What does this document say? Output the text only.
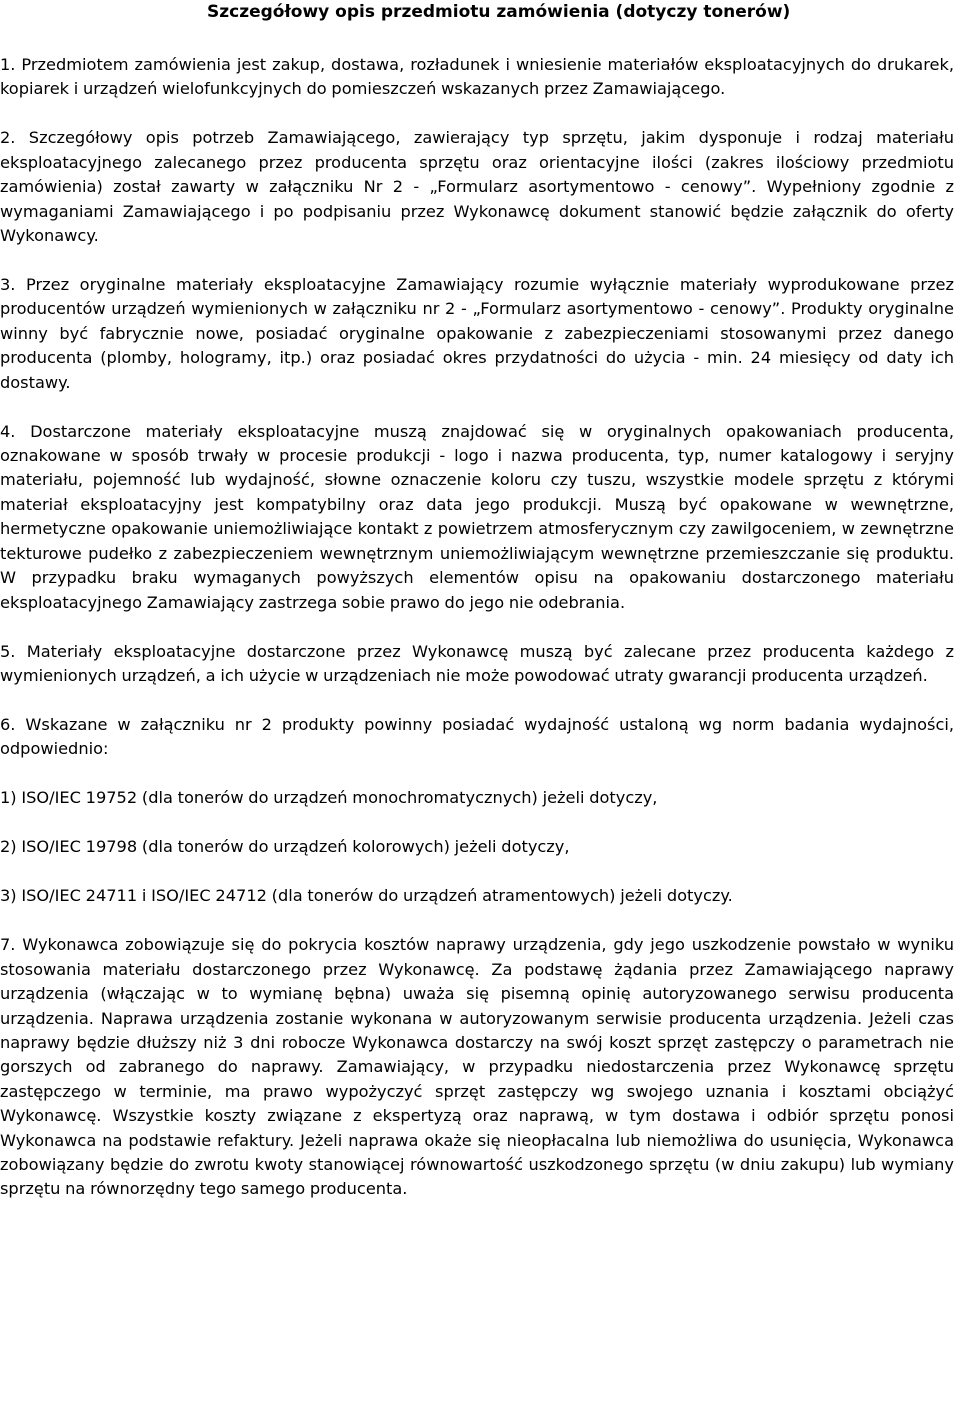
Szczegółowy opis przedmiotu zamówienia (dotyczy tonerów)

1. Przedmiotem zamówienia jest zakup, dostawa, rozładunek i wniesienie materiałów eksploatacyjnych do drukarek, kopiarek i urządzeń wielofunkcyjnych do pomieszczeń wskazanych przez Zamawiającego.

2. Szczegółowy opis potrzeb Zamawiającego, zawierający typ sprzętu, jakim dysponuje i rodzaj materiału eksploatacyjnego zalecanego przez producenta sprzętu oraz orientacyjne ilości (zakres ilościowy przedmiotu zamówienia) został zawarty w załączniku Nr 2 - „Formularz asortymentowo - cenowy”. Wypełniony zgodnie z wymaganiami Zamawiającego i po podpisaniu przez Wykonawcę dokument stanowić będzie załącznik do oferty Wykonawcy.

3. Przez oryginalne materiały eksploatacyjne Zamawiający rozumie wyłącznie materiały wyprodukowane przez producentów urządzeń wymienionych w załączniku nr 2 - „Formularz asortymentowo - cenowy”. Produkty oryginalne winny być fabrycznie nowe, posiadać oryginalne opakowanie z zabezpieczeniami stosowanymi przez danego producenta (plomby, hologramy, itp.) oraz posiadać okres przydatności do użycia - min. 24 miesięcy od daty ich dostawy.

4. Dostarczone materiały eksploatacyjne muszą znajdować się w oryginalnych opakowaniach producenta, oznakowane w sposób trwały w procesie produkcji - logo i nazwa producenta, typ, numer katalogowy i seryjny materiału, pojemność lub wydajność, słowne oznaczenie koloru czy tuszu, wszystkie modele sprzętu z którymi materiał eksploatacyjny jest kompatybilny oraz data jego produkcji. Muszą być opakowane w wewnętrzne, hermetyczne opakowanie uniemożliwiające kontakt z powietrzem atmosferycznym czy zawilgoceniem, w zewnętrzne tekturowe pudełko z zabezpieczeniem wewnętrznym uniemożliwiającym wewnętrzne przemieszczanie się produktu. W przypadku braku wymaganych powyższych elementów opisu na opakowaniu dostarczonego materiału eksploatacyjnego Zamawiający zastrzega sobie prawo do jego nie odebrania.

5. Materiały eksploatacyjne dostarczone przez Wykonawcę muszą być zalecane przez producenta każdego z wymienionych urządzeń, a ich użycie w urządzeniach nie może powodować utraty gwarancji producenta urządzeń.

6. Wskazane w załączniku nr 2 produkty powinny posiadać wydajność ustaloną wg norm badania wydajności, odpowiednio:

1) ISO/IEC 19752 (dla tonerów do urządzeń monochromatycznych) jeżeli dotyczy,

2) ISO/IEC 19798 (dla tonerów do urządzeń kolorowych) jeżeli dotyczy,

3) ISO/IEC 24711 i ISO/IEC 24712 (dla tonerów do urządzeń atramentowych) jeżeli dotyczy.

7. Wykonawca zobowiązuje się do pokrycia kosztów naprawy urządzenia, gdy jego uszkodzenie powstało w wyniku stosowania materiału dostarczonego przez Wykonawcę. Za podstawę żądania przez Zamawiającego naprawy urządzenia (włączając w to wymianę bębna) uważa się pisemną opinię autoryzowanego serwisu producenta urządzenia. Naprawa urządzenia zostanie wykonana w autoryzowanym serwisie producenta urządzenia. Jeżeli czas naprawy będzie dłuższy niż 3 dni robocze Wykonawca dostarczy na swój koszt sprzęt zastępczy o parametrach nie gorszych od zabranego do naprawy. Zamawiający, w przypadku niedostarczenia przez Wykonawcę sprzętu zastępczego w terminie, ma prawo wypożyczyć sprzęt zastępczy wg swojego uznania i kosztami obciążyć Wykonawcę. Wszystkie koszty związane z ekspertyzą oraz naprawą, w tym dostawa i odbiór sprzętu ponosi Wykonawca na podstawie refaktury. Jeżeli naprawa okaże się nieopłacalna lub niemożliwa do usunięcia, Wykonawca zobowiązany będzie do zwrotu kwoty stanowiącej równowartość uszkodzonego sprzętu (w dniu zakupu) lub wymiany sprzętu na równorzędny tego samego producenta.
